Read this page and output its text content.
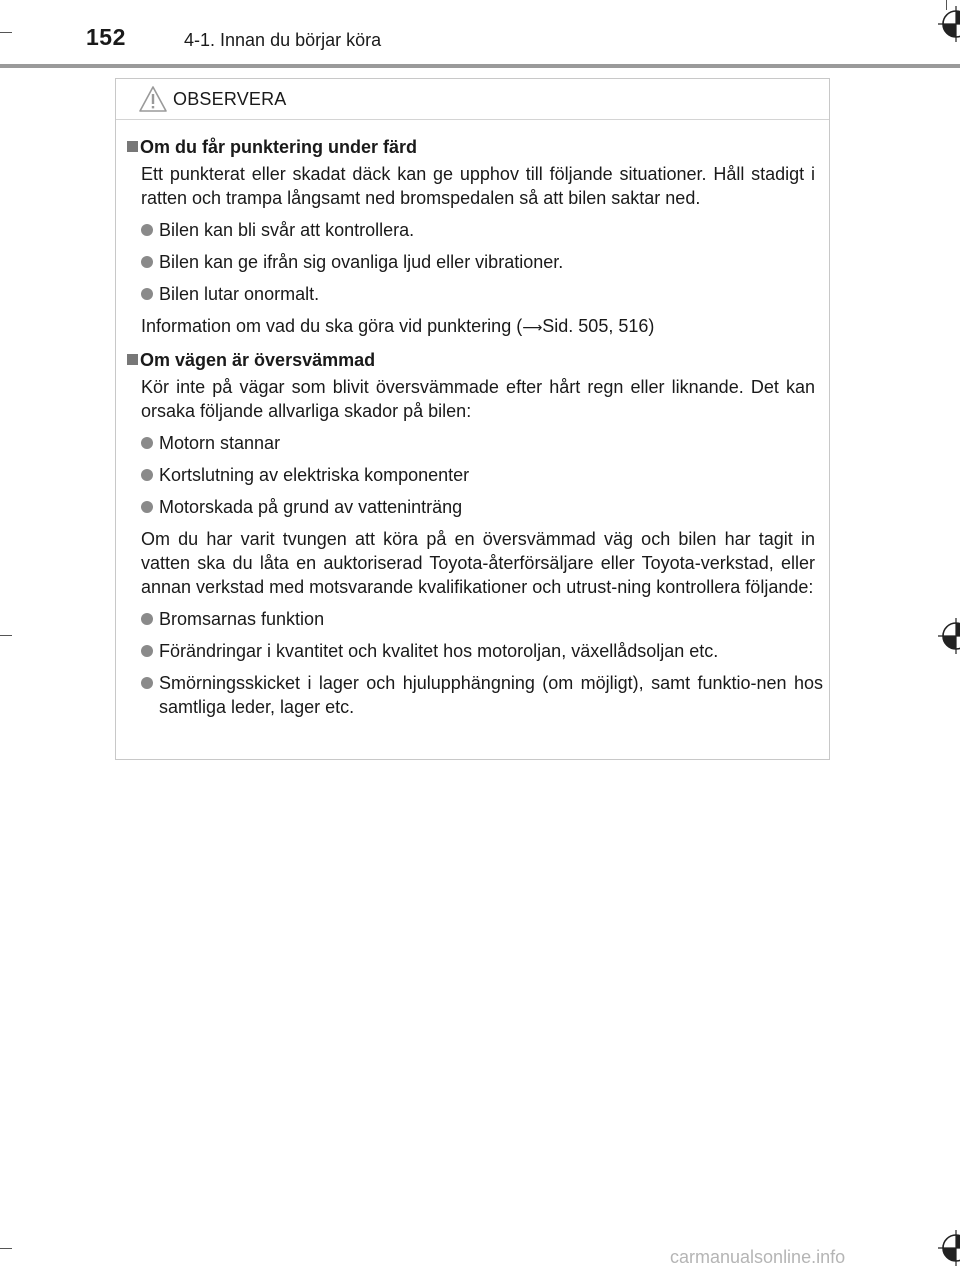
152	4-1. Innan du börjar köra
OBSERVERA
Om du får punktering under färd
Ett punkterat eller skadat däck kan ge upphov till följande situationer. Håll stadigt i ratten och trampa långsamt ned bromspedalen så att bilen saktar ned.
Bilen kan bli svår att kontrollera.
Bilen kan ge ifrån sig ovanliga ljud eller vibrationer.
Bilen lutar onormalt.
Information om vad du ska göra vid punktering (⟶Sid. 505, 516)
Om vägen är översvämmad
Kör inte på vägar som blivit översvämmade efter hårt regn eller liknande. Det kan orsaka följande allvarliga skador på bilen:
Motorn stannar
Kortslutning av elektriska komponenter
Motorskada på grund av vatteninträng
Om du har varit tvungen att köra på en översvämmad väg och bilen har tagit in vatten ska du låta en auktoriserad Toyota-återförsäljare eller Toyota-verkstad, eller annan verkstad med motsvarande kvalifikationer och utrust-ning kontrollera följande:
Bromsarnas funktion
Förändringar i kvantitet och kvalitet hos motoroljan, växellådsoljan etc.
Smörningsskicket i lager och hjulupphängning (om möjligt), samt funktio-nen hos samtliga leder, lager etc.
carmanualsonline.info
